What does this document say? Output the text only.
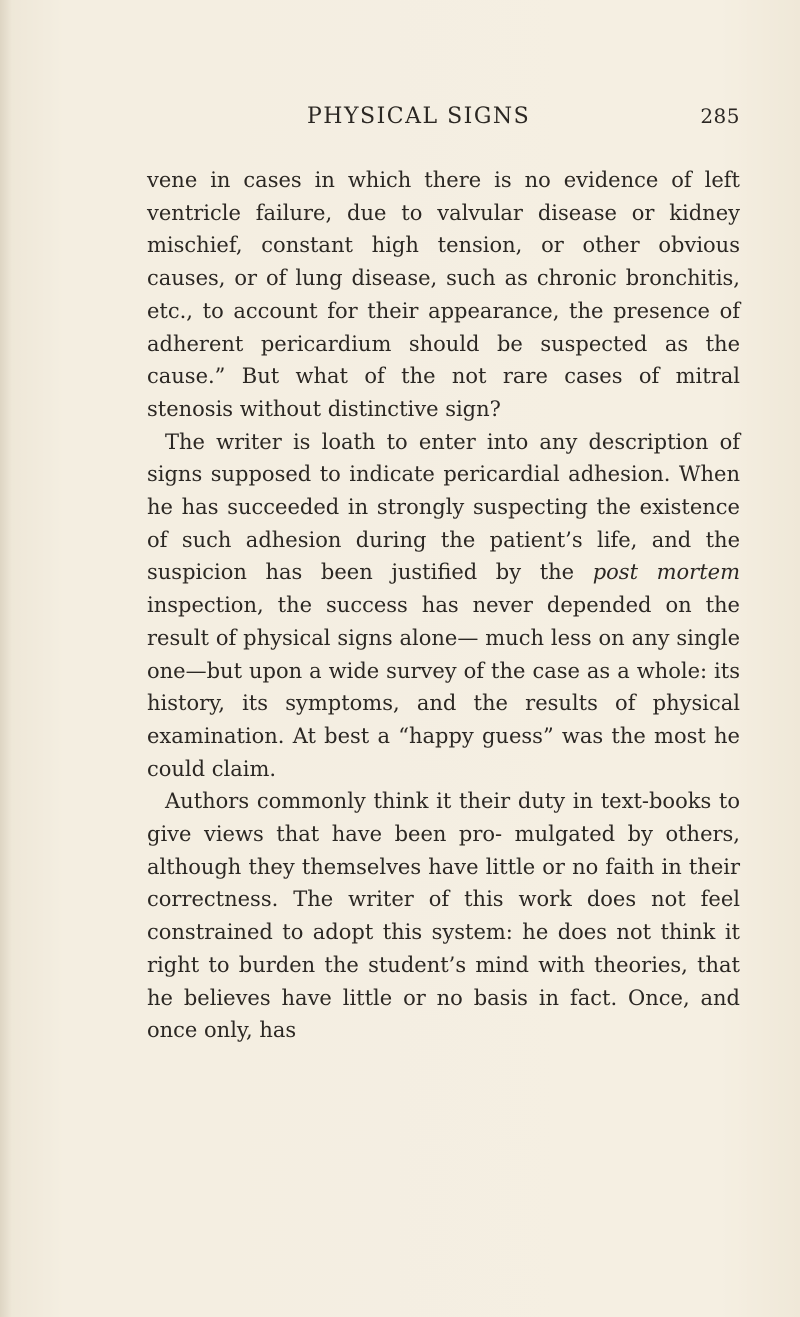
PHYSICAL SIGNS	285

vene in cases in which there is no evidence of left ventricle failure, due to valvular disease or kidney mischief, constant high tension, or other obvious causes, or of lung disease, such as chronic bronchitis, etc., to account for their appearance, the presence of adherent pericardium should be suspected as the cause.” But what of the not rare cases of mitral stenosis without distinctive sign?

The writer is loath to enter into any description of signs supposed to indicate pericardial adhesion. When he has succeeded in strongly suspecting the existence of such adhesion during the patient’s life, and the suspicion has been justified by the post mortem inspection, the success has never depended on the result of physical signs alone— much less on any single one—but upon a wide survey of the case as a whole: its history, its symptoms, and the results of physical examination. At best a “happy guess” was the most he could claim.

Authors commonly think it their duty in text-books to give views that have been pro- mulgated by others, although they themselves have little or no faith in their correctness. The writer of this work does not feel constrained to adopt this system: he does not think it right to burden the student’s mind with theories, that he believes have little or no basis in fact. Once, and once only, has
